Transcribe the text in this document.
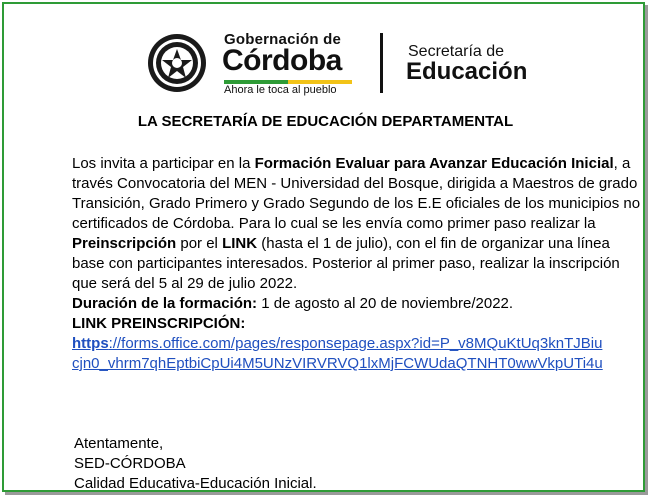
Gobernación de
Córdoba
Ahora le toca al pueblo
Secretaría de
Educación
LA SECRETARÍA DE EDUCACIÓN DEPARTAMENTAL
Los invita a participar en la Formación Evaluar para Avanzar Educación Inicial, a través Convocatoria del MEN - Universidad del Bosque, dirigida a Maestros de grado Transición, Grado Primero y Grado Segundo de los E.E oficiales de los municipios no certificados de Córdoba. Para lo cual se les envía como primer paso realizar la Preinscripción por el LINK (hasta el 1 de julio), con el fin de organizar una línea base con participantes interesados. Posterior al primer paso, realizar la inscripción que será del 5 al 29 de julio 2022.
Duración de la formación: 1 de agosto al 20 de noviembre/2022.
LINK PREINSCRIPCIÓN:
https://forms.office.com/pages/responsepage.aspx?id=P_v8MQuKtUq3knTJBiu
cjn0_vhrm7qhEptbiCpUi4M5UNzVIRVRVQ1lxMjFCWUdaQTNHT0wwVkpUTi4u
Atentamente,
SED-CÓRDOBA
Calidad Educativa-Educación Inicial.
